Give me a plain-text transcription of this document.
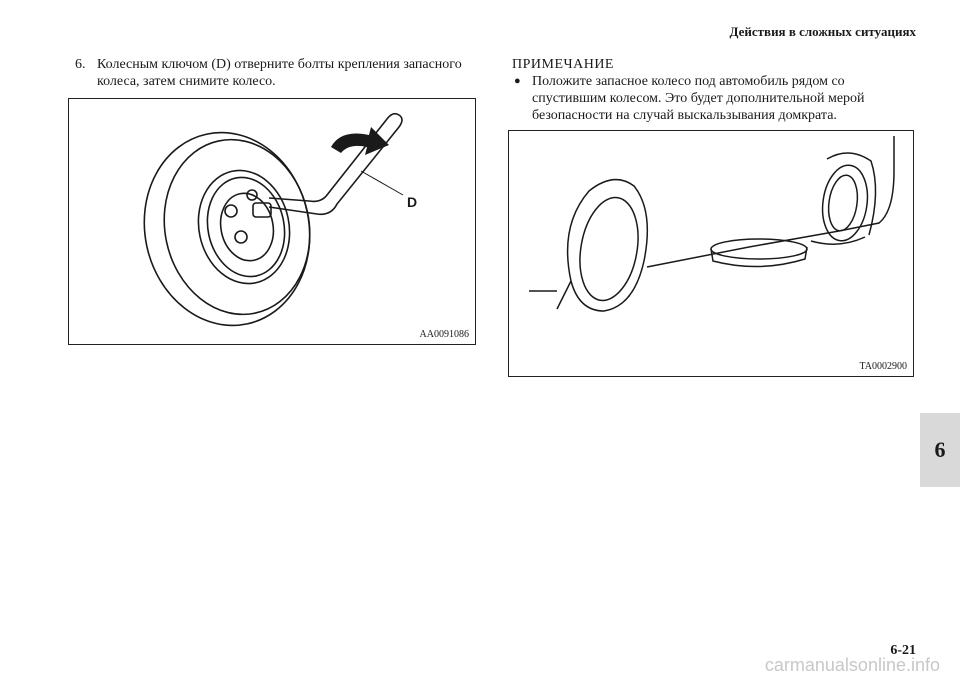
Действия в сложных ситуациях
6. Колесным ключом (D) отверните болты крепления запасного колеса, затем снимите колесо.
D
AA0091086
ПРИМЕЧАНИЕ
● Положите запасное колесо под автомобиль рядом со спустившим колесом. Это будет дополнительной мерой безопасности на случай выскальзывания домкрата.
TA0002900
6
6-21
carmanualsonline.info
